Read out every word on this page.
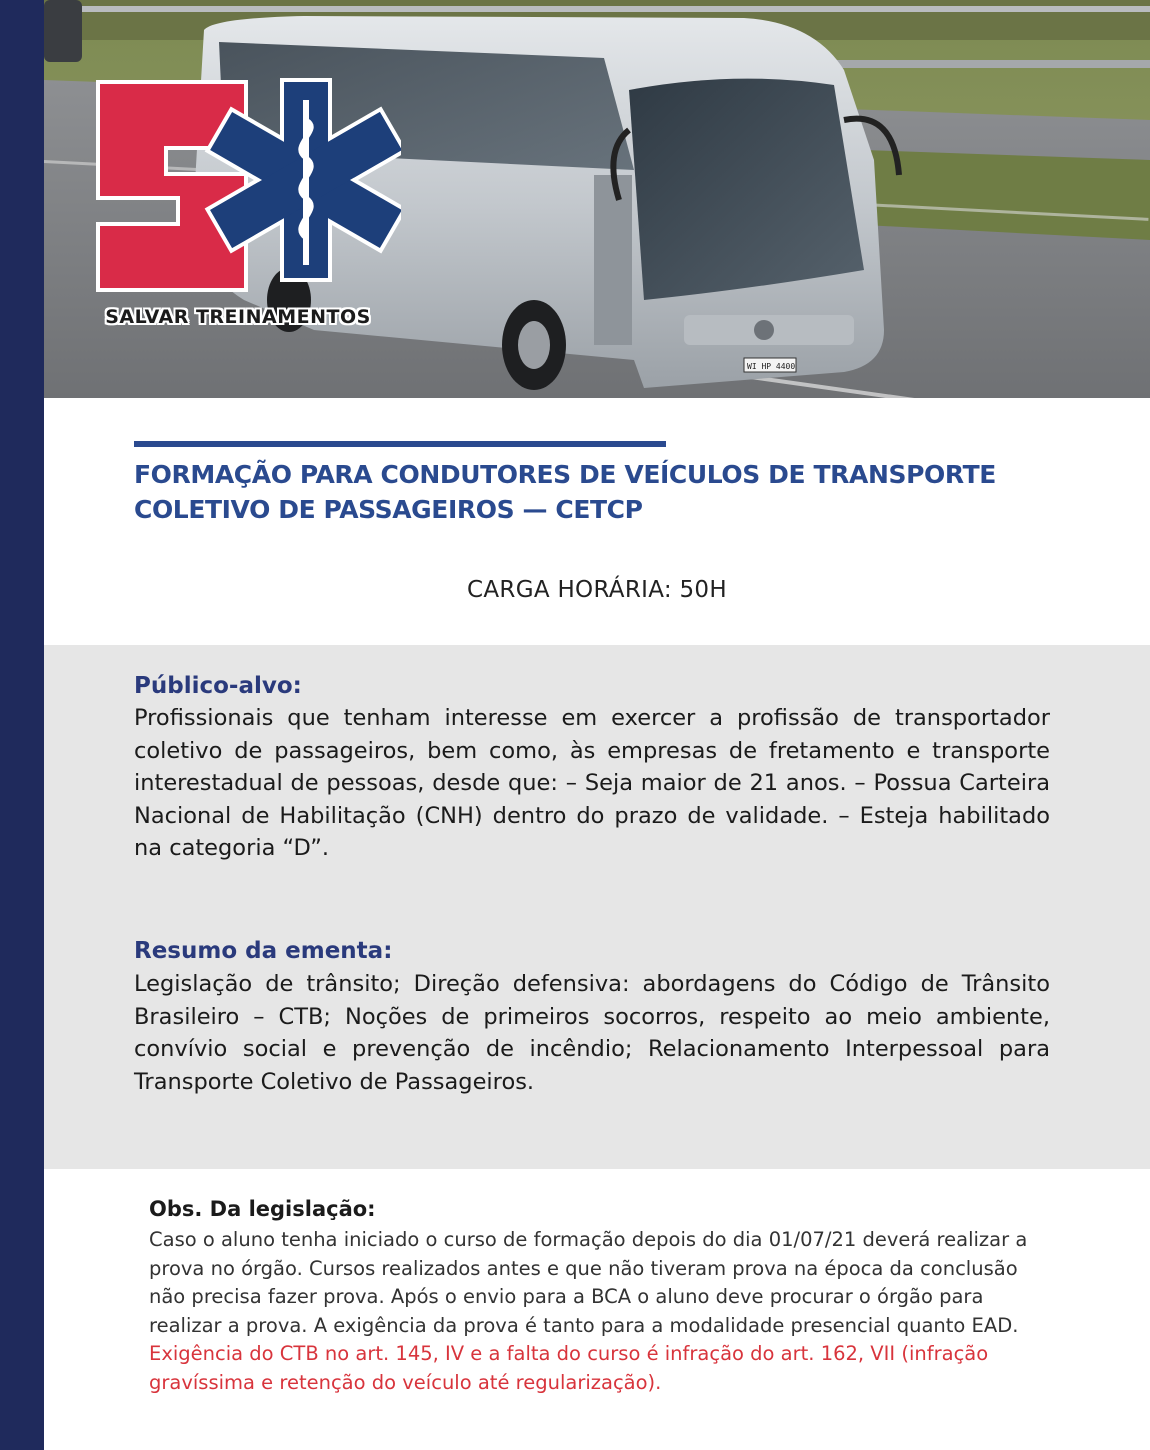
WI HP 4400
SALVAR TREINAMENTOS
FORMAÇÃO PARA CONDUTORES DE VEÍCULOS DE TRANSPORTE COLETIVO DE PASSAGEIROS — CETCP
CARGA HORÁRIA: 50H
Público-alvo:
Profissionais que tenham interesse em exercer a profissão de transportador coletivo de passageiros, bem como, às empresas de fretamento e transporte interestadual de pessoas, desde que: – Seja maior de 21 anos. – Possua Carteira Nacional de Habilitação (CNH) dentro do prazo de validade. – Esteja habilitado na categoria “D”.
Resumo da ementa:
Legislação de trânsito; Direção defensiva: abordagens do Código de Trânsito Brasileiro – CTB; Noções de primeiros socorros, respeito ao meio ambiente, convívio social e prevenção de incêndio; Relacionamento Interpessoal para Transporte Coletivo de Passageiros.
Obs. Da legislação:
Caso o aluno tenha iniciado o curso de formação depois do dia 01/07/21 deverá realizar a prova no órgão. Cursos realizados antes e que não tiveram prova na época da conclusão não precisa fazer prova. Após o envio para a BCA o aluno deve procurar o órgão para realizar a prova. A exigência da prova é tanto para a modalidade presencial quanto EAD. Exigência do CTB no art. 145, IV e a falta do curso é infração do art. 162, VII (infração gravíssima e retenção do veículo até regularização).
